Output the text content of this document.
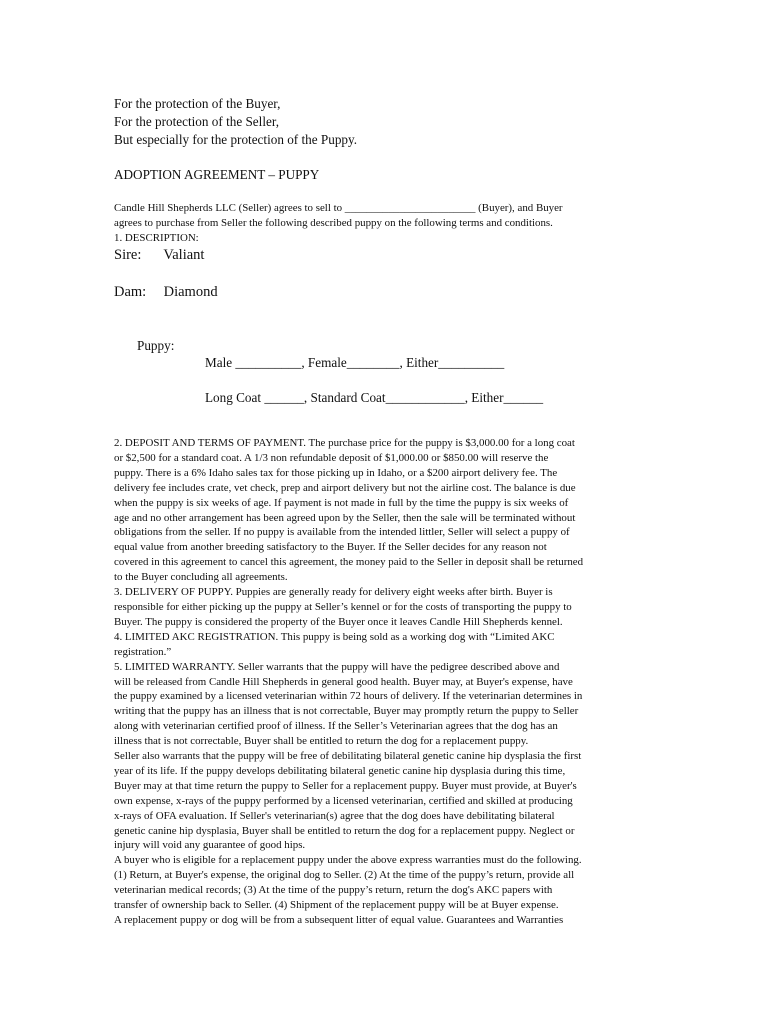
For the protection of the Buyer,
For the protection of the Seller,
But especially for the protection of the Puppy.
ADOPTION AGREEMENT – PUPPY
Candle Hill Shepherds LLC (Seller) agrees to sell to ________________________ (Buyer), and Buyer
agrees to purchase from Seller the following described puppy on the following terms and conditions.
1. DESCRIPTION:
Sire: Valiant
Dam: Diamond
Puppy:
Male __________, Female________, Either__________
Long Coat ______, Standard Coat____________, Either______
2. DEPOSIT AND TERMS OF PAYMENT. The purchase price for the puppy is $3,000.00 for a long coat
or $2,500 for a standard coat. A 1/3 non refundable deposit of $1,000.00 or $850.00 will reserve the
puppy. There is a 6% Idaho sales tax for those picking up in Idaho, or a $200 airport delivery fee. The
delivery fee includes crate, vet check, prep and airport delivery but not the airline cost. The balance is due
when the puppy is six weeks of age. If payment is not made in full by the time the puppy is six weeks of
age and no other arrangement has been agreed upon by the Seller, then the sale will be terminated without
obligations from the seller. If no puppy is available from the intended littler, Seller will select a puppy of
equal value from another breeding satisfactory to the Buyer. If the Seller decides for any reason not
covered in this agreement to cancel this agreement, the money paid to the Seller in deposit shall be returned
to the Buyer concluding all agreements.
3. DELIVERY OF PUPPY. Puppies are generally ready for delivery eight weeks after birth. Buyer is
responsible for either picking up the puppy at Seller’s kennel or for the costs of transporting the puppy to
Buyer. The puppy is considered the property of the Buyer once it leaves Candle Hill Shepherds kennel.
4. LIMITED AKC REGISTRATION. This puppy is being sold as a working dog with “Limited AKC
registration.”
5. LIMITED WARRANTY. Seller warrants that the puppy will have the pedigree described above and
will be released from Candle Hill Shepherds in general good health. Buyer may, at Buyer's expense, have
the puppy examined by a licensed veterinarian within 72 hours of delivery. If the veterinarian determines in
writing that the puppy has an illness that is not correctable, Buyer may promptly return the puppy to Seller
along with veterinarian certified proof of illness. If the Seller’s Veterinarian agrees that the dog has an
illness that is not correctable, Buyer shall be entitled to return the dog for a replacement puppy.
Seller also warrants that the puppy will be free of debilitating bilateral genetic canine hip dysplasia the first
year of its life. If the puppy develops debilitating bilateral genetic canine hip dysplasia during this time,
Buyer may at that time return the puppy to Seller for a replacement puppy. Buyer must provide, at Buyer's
own expense, x-rays of the puppy performed by a licensed veterinarian, certified and skilled at producing
x-rays of OFA evaluation. If Seller's veterinarian(s) agree that the dog does have debilitating bilateral
genetic canine hip dysplasia, Buyer shall be entitled to return the dog for a replacement puppy. Neglect or
injury will void any guarantee of good hips.
A buyer who is eligible for a replacement puppy under the above express warranties must do the following.
(1) Return, at Buyer's expense, the original dog to Seller. (2) At the time of the puppy’s return, provide all
veterinarian medical records; (3) At the time of the puppy’s return, return the dog's AKC papers with
transfer of ownership back to Seller. (4) Shipment of the replacement puppy will be at Buyer expense.
A replacement puppy or dog will be from a subsequent litter of equal value. Guarantees and Warranties
